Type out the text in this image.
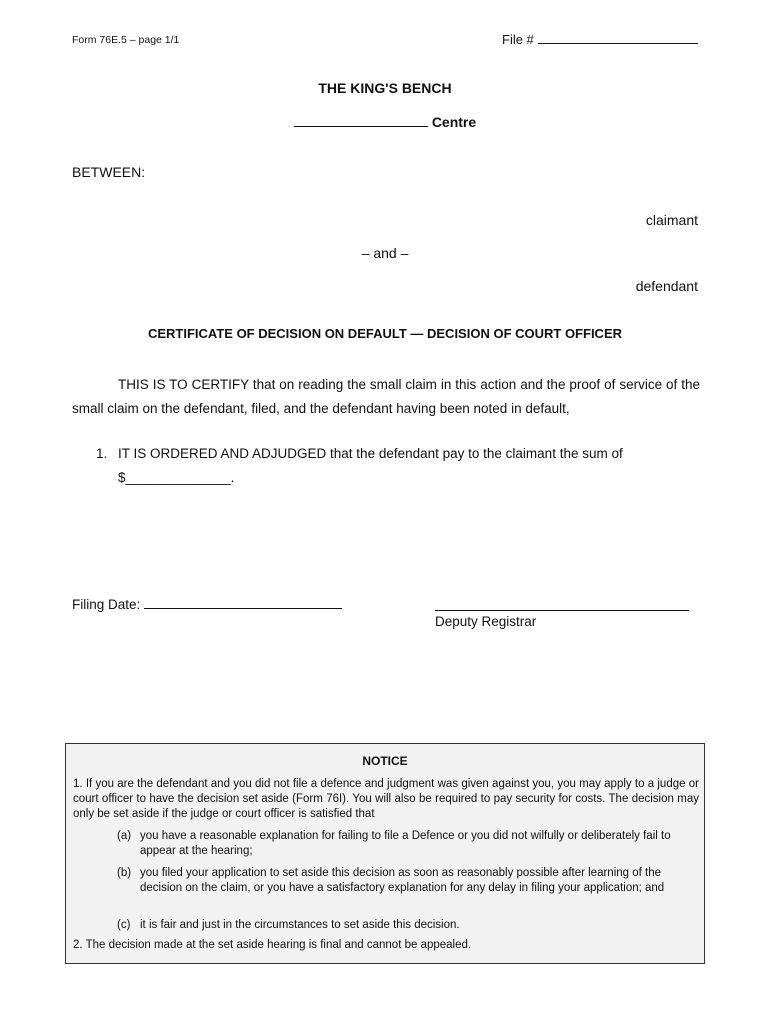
Form 76E.5 – page 1/1	File #
THE KING'S BENCH
Centre
BETWEEN:
claimant
– and –
defendant
CERTIFICATE OF DECISION ON DEFAULT — DECISION OF COURT OFFICER
THIS IS TO CERTIFY that on reading the small claim in this action and the proof of service of the small claim on the defendant, filed, and the defendant having been noted in default,
1. IT IS ORDERED AND ADJUDGED that the defendant pay to the claimant the sum of
$______________.
Filing Date:
Deputy Registrar
NOTICE
1. If you are the defendant and you did not file a defence and judgment was given against you, you may apply to a judge or court officer to have the decision set aside (Form 76I). You will also be required to pay security for costs. The decision may only be set aside if the judge or court officer is satisfied that
(a) you have a reasonable explanation for failing to file a Defence or you did not wilfully or deliberately fail to appear at the hearing;
(b) you filed your application to set aside this decision as soon as reasonably possible after learning of the decision on the claim, or you have a satisfactory explanation for any delay in filing your application; and
(c) it is fair and just in the circumstances to set aside this decision.
2. The decision made at the set aside hearing is final and cannot be appealed.
